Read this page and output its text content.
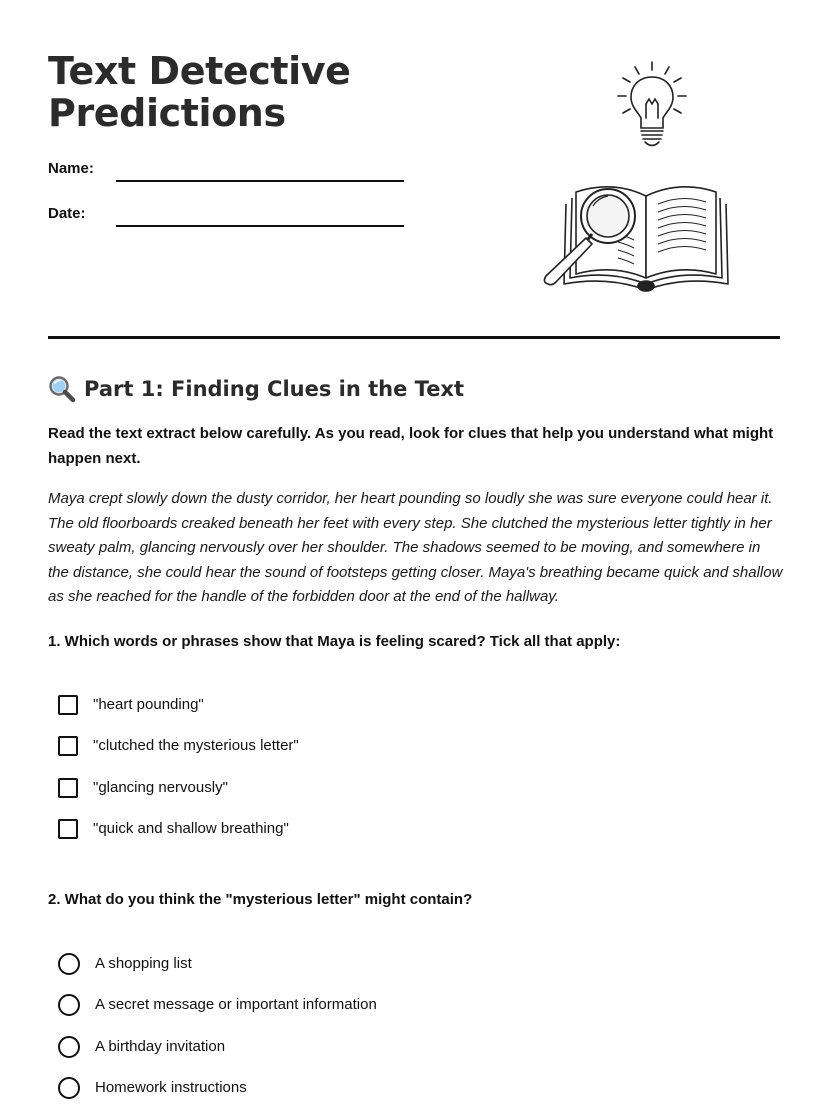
Text Detective
Predictions
Name:
Date:
Part 1: Finding Clues in the Text

Read the text extract below carefully. As you read, look for clues that help you understand what might happen next.

Maya crept slowly down the dusty corridor, her heart pounding so loudly she was sure everyone could hear it. The old floorboards creaked beneath her feet with every step. She clutched the mysterious letter tightly in her sweaty palm, glancing nervously over her shoulder. The shadows seemed to be moving, and somewhere in the distance, she could hear the sound of footsteps getting closer. Maya's breathing became quick and shallow as she reached for the handle of the forbidden door at the end of the hallway.

1. Which words or phrases show that Maya is feeling scared? Tick all that apply:

"heart pounding"
"clutched the mysterious letter"
"glancing nervously"
"quick and shallow breathing"

2. What do you think the "mysterious letter" might contain?

A shopping list
A secret message or important information
A birthday invitation
Homework instructions
